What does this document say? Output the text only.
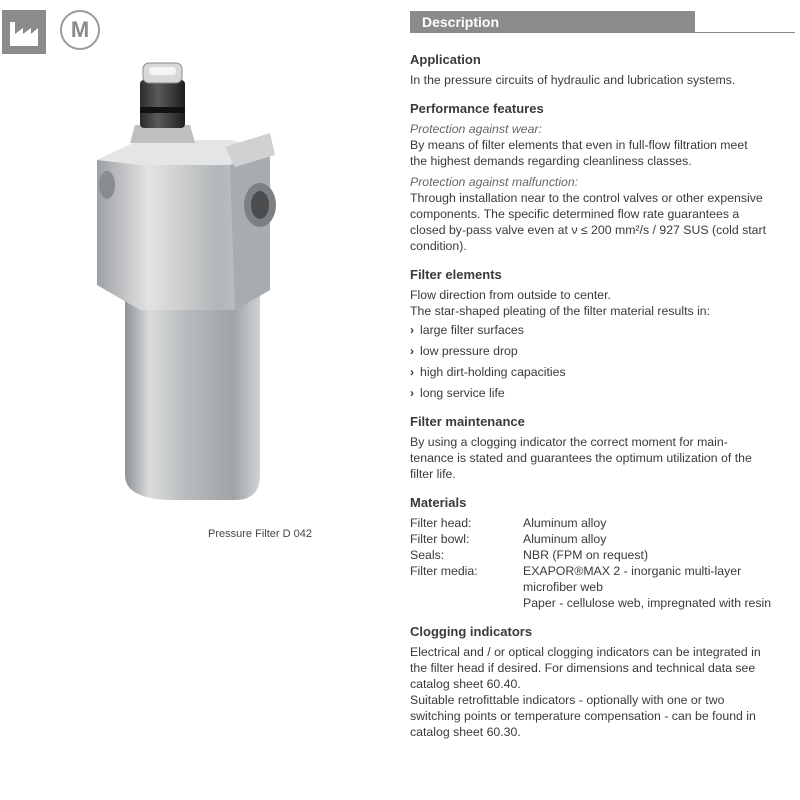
M
Pressure Filter D 042
Description
Application

In the pressure circuits of hydraulic and lubrication systems.

Performance features

Protection against wear:

By means of filter elements that even in full-flow filtration meet

the highest demands regarding cleanliness classes.

Protection against malfunction:

Through installation near to the control valves or other expensive

components. The specific determined flow rate guarantees a

closed by-pass valve even at ν ≤ 200 mm²/s / 927 SUS (cold start

condition).

Filter elements

Flow direction from outside to center.

The star-shaped pleating of the filter material results in:

› large filter surfaces
› low pressure drop
› high dirt-holding capacities
› long service life
Filter maintenance

By using a clogging indicator the correct moment for main-

tenance is stated and guarantees the optimum utilization of the

filter life.

Materials
Filter head:	Aluminum alloy
Filter bowl:	Aluminum alloy
Seals:	NBR (FPM on request)
Filter media:	EXAPOR®MAX 2 - inorganic multi-layer
	microfiber web
	Paper - cellulose web, impregnated with resin
Clogging indicators

Electrical and / or optical clogging indicators can be integrated in

the filter head if desired. For dimensions and technical data see

catalog sheet 60.40.

Suitable retrofittable indicators - optionally with one or two

switching points or temperature compensation - can be found in

catalog sheet 60.30.
